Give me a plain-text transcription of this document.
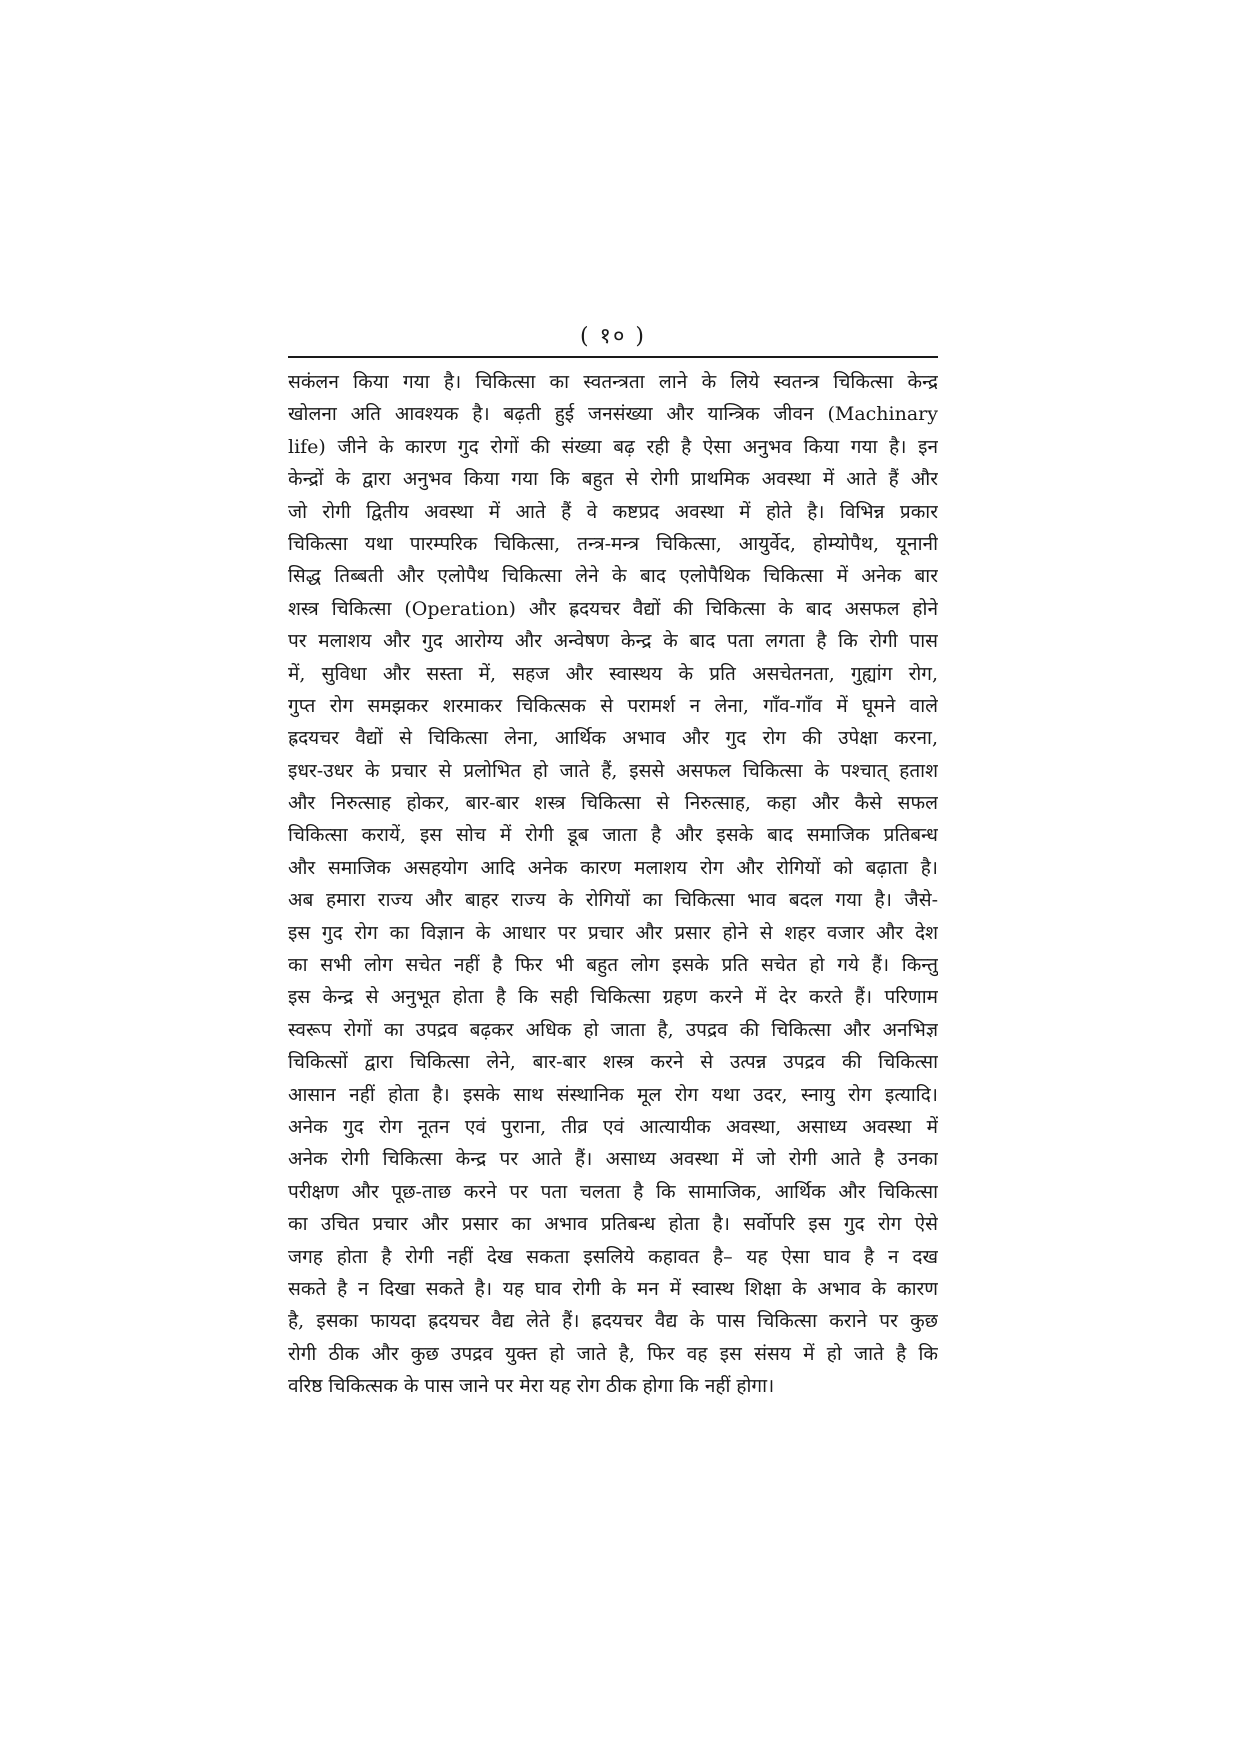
( १० )
सकंलन किया गया है। चिकित्सा का स्वतन्त्रता लाने के लिये स्वतन्त्र चिकित्सा केन्द्र
खोलना अति आवश्यक है। बढ़ती हुई जनसंख्या और यान्त्रिक जीवन (Machinary
life) जीने के कारण गुद रोगों की संख्या बढ़ रही है ऐसा अनुभव किया गया है। इन
केन्द्रों के द्वारा अनुभव किया गया कि बहुत से रोगी प्राथमिक अवस्था में आते हैं और
जो रोगी द्वितीय अवस्था में आते हैं वे कष्टप्रद अवस्था में होते है। विभिन्न प्रकार
चिकित्सा यथा पारम्परिक चिकित्सा, तन्त्र-मन्त्र चिकित्सा, आयुर्वेद, होम्योपैथ, यूनानी
सिद्ध तिब्बती और एलोपैथ चिकित्सा लेने के बाद एलोपैथिक चिकित्सा में अनेक बार
शस्त्र चिकित्सा (Operation) और ह्रदयचर वैद्यों की चिकित्सा के बाद असफल होने
पर मलाशय और गुद आरोग्य और अन्वेषण केन्द्र के बाद पता लगता है कि रोगी पास
में, सुविधा और सस्ता में, सहज और स्वास्थय के प्रति असचेतनता, गुह्यांग रोग,
गुप्त रोग समझकर शरमाकर चिकित्सक से परामर्श न लेना, गाँव-गाँव में घूमने वाले
ह्रदयचर वैद्यों से चिकित्सा लेना, आर्थिक अभाव और गुद रोग की उपेक्षा करना,
इधर-उधर के प्रचार से प्रलोभित हो जाते हैं, इससे असफल चिकित्सा के पश्चात् हताश
और निरुत्साह होकर, बार-बार शस्त्र चिकित्सा से निरुत्साह, कहा और कैसे सफल
चिकित्सा करायें, इस सोच में रोगी डूब जाता है और इसके बाद समाजिक प्रतिबन्ध
और समाजिक असहयोग आदि अनेक कारण मलाशय रोग और रोगियों को बढ़ाता है।
अब हमारा राज्य और बाहर राज्य के रोगियों का चिकित्सा भाव बदल गया है। जैसे-
इस गुद रोग का विज्ञान के आधार पर प्रचार और प्रसार होने से शहर वजार और देश
का सभी लोग सचेत नहीं है फिर भी बहुत लोग इसके प्रति सचेत हो गये हैं। किन्तु
इस केन्द्र से अनुभूत होता है कि सही चिकित्सा ग्रहण करने में देर करते हैं। परिणाम
स्वरूप रोगों का उपद्रव बढ़कर अधिक हो जाता है, उपद्रव की चिकित्सा और अनभिज्ञ
चिकित्सों द्वारा चिकित्सा लेने, बार-बार शस्त्र करने से उत्पन्न उपद्रव की चिकित्सा
आसान नहीं होता है। इसके साथ संस्थानिक मूल रोग यथा उदर, स्नायु रोग इत्यादि।
अनेक गुद रोग नूतन एवं पुराना, तीव्र एवं आत्यायीक अवस्था, असाध्य अवस्था में
अनेक रोगी चिकित्सा केन्द्र पर आते हैं। असाध्य अवस्था में जो रोगी आते है उनका
परीक्षण और पूछ-ताछ करने पर पता चलता है कि सामाजिक, आर्थिक और चिकित्सा
का उचित प्रचार और प्रसार का अभाव प्रतिबन्ध होता है। सर्वोपरि इस गुद रोग ऐसे
जगह होता है रोगी नहीं देख सकता इसलिये कहावत है– यह ऐसा घाव है न दख
सकते है न दिखा सकते है। यह घाव रोगी के मन में स्वास्थ शिक्षा के अभाव के कारण
है, इसका फायदा ह्रदयचर वैद्य लेते हैं। ह्रदयचर वैद्य के पास चिकित्सा कराने पर कुछ
रोगी ठीक और कुछ उपद्रव युक्त हो जाते है, फिर वह इस संसय में हो जाते है कि
वरिष्ठ चिकित्सक के पास जाने पर मेरा यह रोग ठीक होगा कि नहीं होगा।
